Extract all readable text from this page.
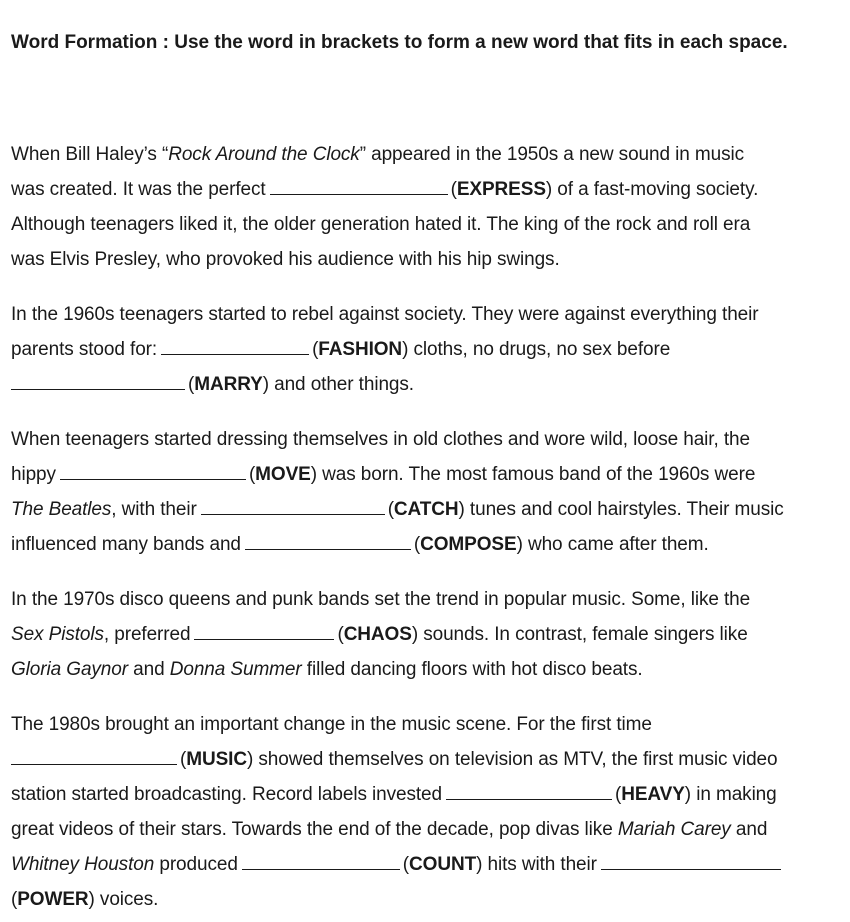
Word Formation : Use the word in brackets to form a new word that fits in each space.
When Bill Haley’s “Rock Around the Clock” appeared in the 1950s a new sound in music
was created. It was the perfect	(EXPRESS) of a fast-moving society.
Although teenagers liked it, the older generation hated it. The king of the rock and roll era
was Elvis Presley, who provoked his audience with his hip swings.
In the 1960s teenagers started to rebel against society. They were against everything their
parents stood for:	(FASHION) cloths, no drugs, no sex before
(MARRY) and other things.
When teenagers started dressing themselves in old clothes and wore wild, loose hair, the
hippy	(MOVE) was born. The most famous band of the 1960s were
The Beatles, with their	(CATCH) tunes and cool hairstyles. Their music
influenced many bands and	(COMPOSE) who came after them.
In the 1970s disco queens and punk bands set the trend in popular music. Some, like the
Sex Pistols, preferred	(CHAOS) sounds. In contrast, female singers like
Gloria Gaynor and Donna Summer filled dancing floors with hot disco beats.
The 1980s brought an important change in the music scene. For the first time
(MUSIC) showed themselves on television as MTV, the first music video
station started broadcasting. Record labels invested	(HEAVY) in making
great videos of their stars. Towards the end of the decade, pop divas like Mariah Carey and
Whitney Houston produced	(COUNT) hits with their
(POWER) voices.
